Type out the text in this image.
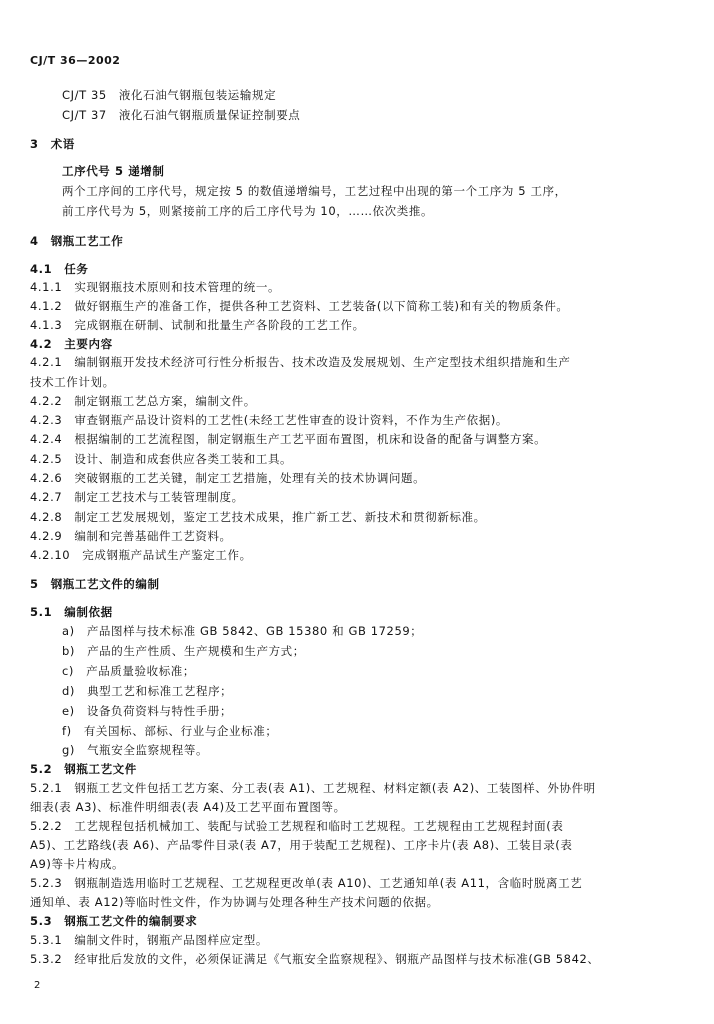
CJ/T 36—2002
CJ/T 35　液化石油气钢瓶包装运输规定
CJ/T 37　液化石油气钢瓶质量保证控制要点
3　术语
工序代号 5 递增制
两个工序间的工序代号，规定按 5 的数值递增编号，工艺过程中出现的第一个工序为 5 工序，
前工序代号为 5，则紧接前工序的后工序代号为 10，……依次类推。
4　钢瓶工艺工作
4.1　任务
4.1.1　实现钢瓶技术原则和技术管理的统一。
4.1.2　做好钢瓶生产的准备工作，提供各种工艺资料、工艺装备(以下简称工装)和有关的物质条件。
4.1.3　完成钢瓶在研制、试制和批量生产各阶段的工艺工作。
4.2　主要内容
4.2.1　编制钢瓶开发技术经济可行性分析报告、技术改造及发展规划、生产定型技术组织措施和生产
技术工作计划。
4.2.2　制定钢瓶工艺总方案，编制文件。
4.2.3　审查钢瓶产品设计资料的工艺性(未经工艺性审查的设计资料，不作为生产依据)。
4.2.4　根据编制的工艺流程图，制定钢瓶生产工艺平面布置图，机床和设备的配备与调整方案。
4.2.5　设计、制造和成套供应各类工装和工具。
4.2.6　突破钢瓶的工艺关键，制定工艺措施，处理有关的技术协调问题。
4.2.7　制定工艺技术与工装管理制度。
4.2.8　制定工艺发展规划，鉴定工艺技术成果，推广新工艺、新技术和贯彻新标准。
4.2.9　编制和完善基础件工艺资料。
4.2.10　完成钢瓶产品试生产鉴定工作。
5　钢瓶工艺文件的编制
5.1　编制依据
a)　产品图样与技术标准 GB 5842、GB 15380 和 GB 17259；
b)　产品的生产性质、生产规模和生产方式；
c)　产品质量验收标准；
d)　典型工艺和标准工艺程序；
e)　设备负荷资料与特性手册；
f)　有关国标、部标、行业与企业标准；
g)　气瓶安全监察规程等。
5.2　钢瓶工艺文件
5.2.1　钢瓶工艺文件包括工艺方案、分工表(表 A1)、工艺规程、材料定额(表 A2)、工装图样、外协件明
细表(表 A3)、标准件明细表(表 A4)及工艺平面布置图等。
5.2.2　工艺规程包括机械加工、装配与试验工艺规程和临时工艺规程。工艺规程由工艺规程封面(表
A5)、工艺路线(表 A6)、产品零件目录(表 A7，用于装配工艺规程)、工序卡片(表 A8)、工装目录(表
A9)等卡片构成。
5.2.3　钢瓶制造选用临时工艺规程、工艺规程更改单(表 A10)、工艺通知单(表 A11，含临时脱离工艺
通知单、表 A12)等临时性文件，作为协调与处理各种生产技术问题的依据。
5.3　钢瓶工艺文件的编制要求
5.3.1　编制文件时，钢瓶产品图样应定型。
5.3.2　经审批后发放的文件，必须保证满足《气瓶安全监察规程》、钢瓶产品图样与技术标准(GB 5842、
2
